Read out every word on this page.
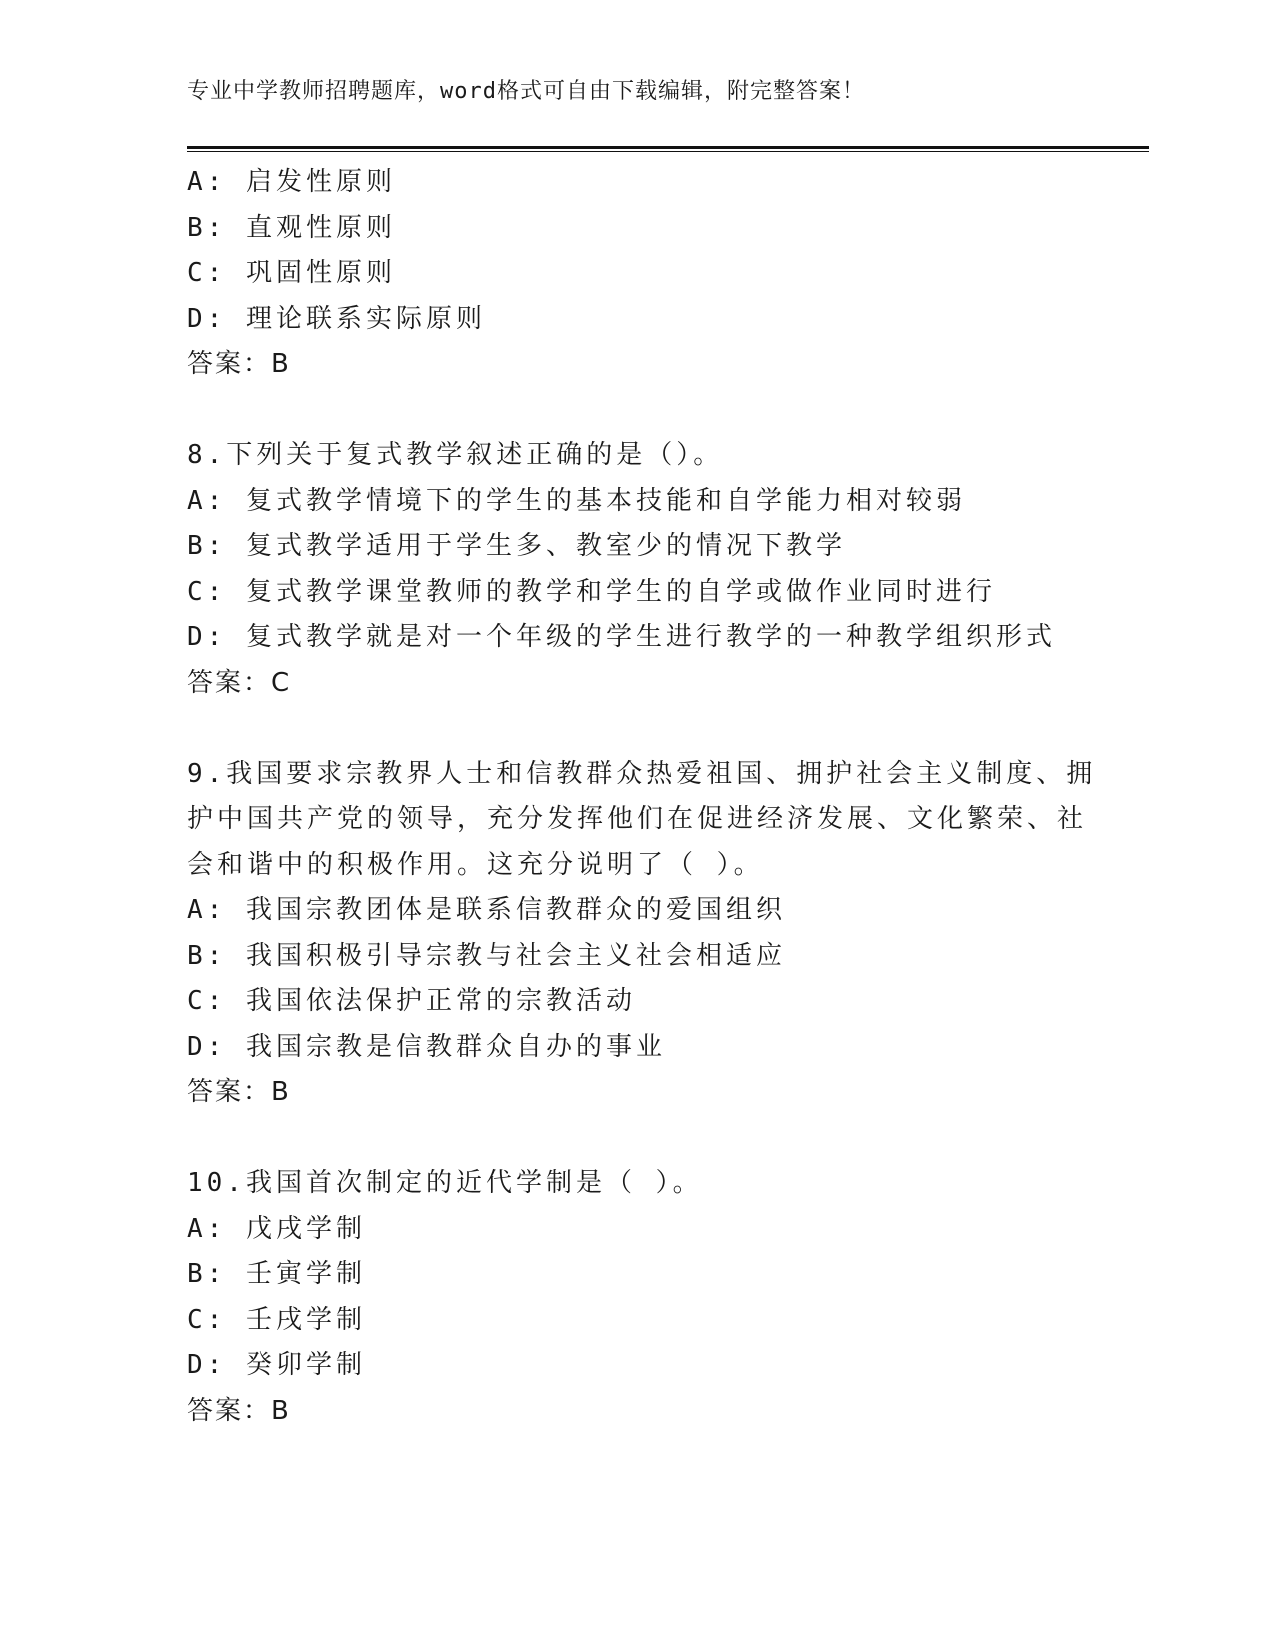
专业中学教师招聘题库，word格式可自由下载编辑，附完整答案！
A: 启发性原则
B: 直观性原则
C: 巩固性原则
D: 理论联系实际原则
答案：B
8.下列关于复式教学叙述正确的是（）。
A: 复式教学情境下的学生的基本技能和自学能力相对较弱
B: 复式教学适用于学生多、教室少的情况下教学
C: 复式教学课堂教师的教学和学生的自学或做作业同时进行
D: 复式教学就是对一个年级的学生进行教学的一种教学组织形式
答案：C
9.我国要求宗教界人士和信教群众热爱祖国、拥护社会主义制度、拥
护中国共产党的领导，充分发挥他们在促进经济发展、文化繁荣、社
会和谐中的积极作用。这充分说明了（ ）。
A: 我国宗教团体是联系信教群众的爱国组织
B: 我国积极引导宗教与社会主义社会相适应
C: 我国依法保护正常的宗教活动
D: 我国宗教是信教群众自办的事业
答案：B
10.我国首次制定的近代学制是（ ）。
A: 戊戌学制
B: 壬寅学制
C: 壬戌学制
D: 癸卯学制
答案：B
